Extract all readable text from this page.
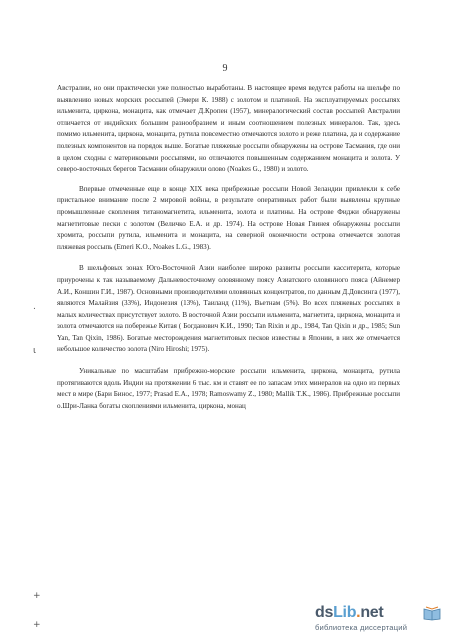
9

Австралии, но они практически уже полностью выработаны. В настоящее время ведутся работы на шельфе по выявлению новых морских россыпей (Эмери К. 1988) с золотом и платиной. На эксплуатируемых россыпях ильменита, циркона, монацита, как отмечает Д.Кропен (1957), минералогический состав россыпей Австралии отличается от индийских большим разнообразием и иным соотношением полезных минералов. Так, здесь помимо ильменита, циркона, монацита, рутила повсеместно отмечаются золото и реже платина, да и содержание полезных компонентов на порядок выше. Богатые пляжевые россыпи обнаружены на острове Тасмания, где они в целом сходны с материковыми россыпями, но отличаются повышенным содержанием монацита и золота. У северо-восточных берегов Тасмании обнаружили олово (Noakes G., 1980) и золото.

Впервые отмеченные еще в конце XIX века прибрежные россыпи Новой Зеландии привлекли к себе пристальное внимание после 2 мировой войны, в результате оперативных работ были выявлены крупные промышленные скопления титаномагнетита, ильменита, золота и платины. На острове Фиджи обнаружены магнетитовые пески с золотом (Величко Е.А. и др. 1974). На острове Новая Гвинея обнаружены россыпи хромита, россыпи рутила, ильменита и монацита, на северной оконечности острова отмечается золотая пляжевая россыпь (Emeri K.O., Noakes L.G., 1983).

В шельфовых зонах Юго-Восточной Азии наиболее широко развиты россыпи касситерита, которые приурочены к так называемому Дальневосточному оловянному поясу Азиатского оловянного пояса (Айнемер А.И., Коншин Г.И., 1987). Основными производителями оловянных концентратов, по данным Д.Довсинга (1977), являются Малайзия (33%), Индонезия (13%), Таиланд (11%), Вьетнам (5%). Во всех пляжевых россыпях в малых количествах присутствует золото. В восточной Азии россыпи ильменита, магнетита, циркона, монацита и золота отмечаются на побережье Китая ( Богданович К.И., 1990; Tan Rixin и др., 1984, Tan Qixin и др., 1985; Sun Yan, Tan Qixin, 1986). Богатые месторождения магнетитовых песков известны в Японии, в них же отмечается небольшое количество золота (Niro Hiroshi; 1975).

Уникальные по масштабам прибрежно-морские россыпи ильменита, циркона, монацита, рутила протягиваются вдоль Индии на протяжении 6 тыс. км и ставят ее по запасам этих минералов на одно из первых мест в мире (Бари Бинос, 1977; Prasad E.A., 1978; Ramoswamy Z., 1980; Mallik T.K., 1986). Прибрежные россыпи о.Шри-Ланка богаты скоплениями ильменита, циркона, монац

.
ι
+
+
dsLib.net
библиотека диссертаций
